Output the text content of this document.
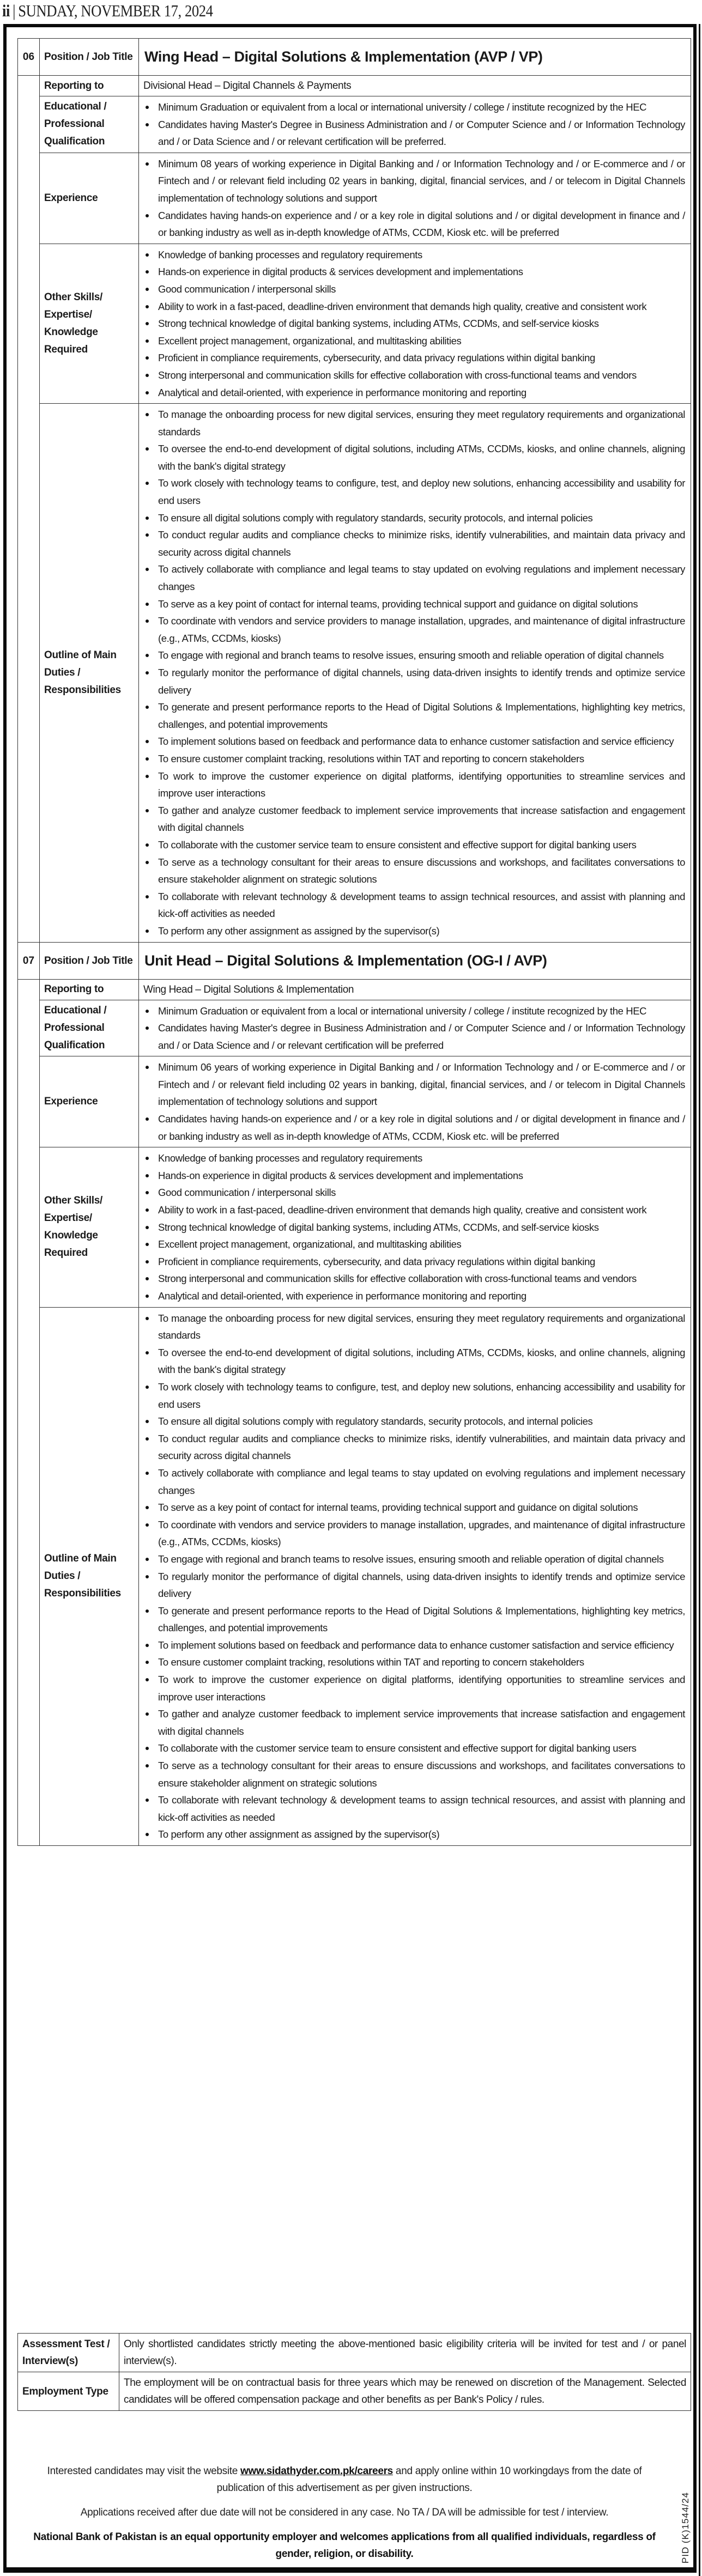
ii | SUNDAY, NOVEMBER 17, 2024
06	Position / Job Title	Wing Head – Digital Solutions & Implementation (AVP / VP)
	Reporting to	Divisional Head – Digital Channels & Payments
Educational / Professional Qualification	
Minimum Graduation or equivalent from a local or international university / college / institute recognized by the HEC
Candidates having Master's Degree in Business Administration and / or Computer Science and / or Information Technology and / or Data Science and / or relevant certification will be preferred.

Experience	
Minimum 08 years of working experience in Digital Banking and / or Information Technology and / or E-commerce and / or Fintech and / or relevant field including 02 years in banking, digital, financial services, and / or telecom in Digital Channels implementation of technology solutions and support
Candidates having hands-on experience and / or a key role in digital solutions and / or digital development in finance and / or banking industry as well as in-depth knowledge of ATMs, CCDM, Kiosk etc. will be preferred

Other Skills/ Expertise/ Knowledge Required	
Knowledge of banking processes and regulatory requirements
Hands-on experience in digital products & services development and implementations
Good communication / interpersonal skills
Ability to work in a fast-paced, deadline-driven environment that demands high quality, creative and consistent work
Strong technical knowledge of digital banking systems, including ATMs, CCDMs, and self-service kiosks
Excellent project management, organizational, and multitasking abilities
Proficient in compliance requirements, cybersecurity, and data privacy regulations within digital banking
Strong interpersonal and communication skills for effective collaboration with cross-functional teams and vendors
Analytical and detail-oriented, with experience in performance monitoring and reporting

Outline of Main Duties / Responsibilities	
To manage the onboarding process for new digital services, ensuring they meet regulatory requirements and organizational standards
To oversee the end-to-end development of digital solutions, including ATMs, CCDMs, kiosks, and online channels, aligning with the bank's digital strategy
To work closely with technology teams to configure, test, and deploy new solutions, enhancing accessibility and usability for end users
To ensure all digital solutions comply with regulatory standards, security protocols, and internal policies
To conduct regular audits and compliance checks to minimize risks, identify vulnerabilities, and maintain data privacy and security across digital channels
To actively collaborate with compliance and legal teams to stay updated on evolving regulations and implement necessary changes
To serve as a key point of contact for internal teams, providing technical support and guidance on digital solutions
To coordinate with vendors and service providers to manage installation, upgrades, and maintenance of digital infrastructure (e.g., ATMs, CCDMs, kiosks)
To engage with regional and branch teams to resolve issues, ensuring smooth and reliable operation of digital channels
To regularly monitor the performance of digital channels, using data-driven insights to identify trends and optimize service delivery
To generate and present performance reports to the Head of Digital Solutions & Implementations, highlighting key metrics, challenges, and potential improvements
To implement solutions based on feedback and performance data to enhance customer satisfaction and service efficiency
To ensure customer complaint tracking, resolutions within TAT and reporting to concern stakeholders
To work to improve the customer experience on digital platforms, identifying opportunities to streamline services and improve user interactions
To gather and analyze customer feedback to implement service improvements that increase satisfaction and engagement with digital channels
To collaborate with the customer service team to ensure consistent and effective support for digital banking users
To serve as a technology consultant for their areas to ensure discussions and workshops, and facilitates conversations to ensure stakeholder alignment on strategic solutions
To collaborate with relevant technology & development teams to assign technical resources, and assist with planning and kick-off activities as needed
To perform any other assignment as assigned by the supervisor(s)

07	Position / Job Title	Unit Head – Digital Solutions & Implementation (OG-I / AVP)
	Reporting to	Wing Head – Digital Solutions & Implementation
Educational / Professional Qualification	
Minimum Graduation or equivalent from a local or international university / college / institute recognized by the HEC
Candidates having Master's degree in Business Administration and / or Computer Science and / or Information Technology and / or Data Science and / or relevant certification will be preferred

Experience	
Minimum 06 years of working experience in Digital Banking and / or Information Technology and / or E-commerce and / or Fintech and / or relevant field including 02 years in banking, digital, financial services, and / or telecom in Digital Channels implementation of technology solutions and support
Candidates having hands-on experience and / or a key role in digital solutions and / or digital development in finance and / or banking industry as well as in-depth knowledge of ATMs, CCDM, Kiosk etc. will be preferred

Other Skills/ Expertise/ Knowledge Required	
Knowledge of banking processes and regulatory requirements
Hands-on experience in digital products & services development and implementations
Good communication / interpersonal skills
Ability to work in a fast-paced, deadline-driven environment that demands high quality, creative and consistent work
Strong technical knowledge of digital banking systems, including ATMs, CCDMs, and self-service kiosks
Excellent project management, organizational, and multitasking abilities
Proficient in compliance requirements, cybersecurity, and data privacy regulations within digital banking
Strong interpersonal and communication skills for effective collaboration with cross-functional teams and vendors
Analytical and detail-oriented, with experience in performance monitoring and reporting

Outline of Main Duties / Responsibilities	
To manage the onboarding process for new digital services, ensuring they meet regulatory requirements and organizational standards
To oversee the end-to-end development of digital solutions, including ATMs, CCDMs, kiosks, and online channels, aligning with the bank's digital strategy
To work closely with technology teams to configure, test, and deploy new solutions, enhancing accessibility and usability for end users
To ensure all digital solutions comply with regulatory standards, security protocols, and internal policies
To conduct regular audits and compliance checks to minimize risks, identify vulnerabilities, and maintain data privacy and security across digital channels
To actively collaborate with compliance and legal teams to stay updated on evolving regulations and implement necessary changes
To serve as a key point of contact for internal teams, providing technical support and guidance on digital solutions
To coordinate with vendors and service providers to manage installation, upgrades, and maintenance of digital infrastructure (e.g., ATMs, CCDMs, kiosks)
To engage with regional and branch teams to resolve issues, ensuring smooth and reliable operation of digital channels
To regularly monitor the performance of digital channels, using data-driven insights to identify trends and optimize service delivery
To generate and present performance reports to the Head of Digital Solutions & Implementations, highlighting key metrics, challenges, and potential improvements
To implement solutions based on feedback and performance data to enhance customer satisfaction and service efficiency
To ensure customer complaint tracking, resolutions within TAT and reporting to concern stakeholders
To work to improve the customer experience on digital platforms, identifying opportunities to streamline services and improve user interactions
To gather and analyze customer feedback to implement service improvements that increase satisfaction and engagement with digital channels
To collaborate with the customer service team to ensure consistent and effective support for digital banking users
To serve as a technology consultant for their areas to ensure discussions and workshops, and facilitates conversations to ensure stakeholder alignment on strategic solutions
To collaborate with relevant technology & development teams to assign technical resources, and assist with planning and kick-off activities as needed
To perform any other assignment as assigned by the supervisor(s)
Assessment Test / Interview(s)	Only shortlisted candidates strictly meeting the above-mentioned basic eligibility criteria will be invited for test and / or panel interview(s).
Employment Type	The employment will be on contractual basis for three years which may be renewed on discretion of the Management. Selected candidates will be offered compensation package and other benefits as per Bank's Policy / rules.

Interested candidates may visit the website www.sidathyder.com.pk/careers and apply online within 10 workingdays from the date of publication of this advertisement as per given instructions.

Applications received after due date will not be considered in any case. No TA / DA will be admissible for test / interview.

National Bank of Pakistan is an equal opportunity employer and welcomes applications from all qualified individuals, regardless of gender, religion, or disability.	PID (K)1544/24
